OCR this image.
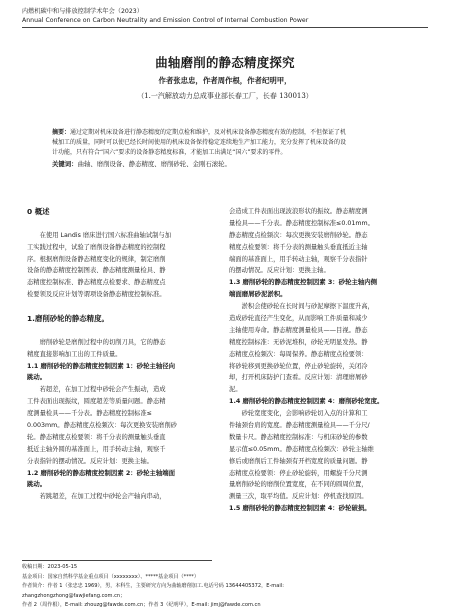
内燃机碳中和与排放控制学术年会（2023）
Annual Conference on Carbon Neutrality and Emission Control of Internal Combustion Power
曲轴磨削的静态精度探究
作者张忠忠，作者周作根，作者纪明甲，
（1.一汽解放动力总成事业部长春工厂，长春 130013）
摘要：通过定期对机床设备进行静态精度的定期点检和维护，及对机床设备静态精度有效的控制，不但保证了机
械加工的质量，同时可以使已经长时间使用的机床设备保持稳定连续地生产加工能力，充分发挥了机床设备的设
计功能，只有符合“国六”要求的设备静态精度标准，才能加工出满足“国六”要求的零件。
关键词：曲轴、磨削设备、静态精度、磨削砂轮、金刚石滚轮。
0 概述
　　在使用 Landis 磨床进行国六标准曲轴试制与加
工实践过程中，试验了磨削设备静态精度的控制程
序。根据磨削设备静态精度变化的规律，制定磨削
设备的静态精度控制图表、静态精度测量检具、静
态精度控制标准、静态精度点检要求、静态精度点
检要领及反应计划等谓项设备静态精度控制标准。
1.磨削砂轮的静态精度。
　　磨削砂轮是磨削过程中的切削刀具，它的静态
精度直接影响加工出的工件质量。
1.1 磨削砂轮的静态精度控制因素 1：砂轮主轴径向
跳动。
　　若超差，在加工过程中砂轮会产生振动，造成
工件表面出现振纹，圆度超差等质量问题。静态精
度测量检具——千分表。静态精度控制标准≤
0.003mm。静态精度点检频次：每次更换安装磨削砂
轮。静态精度点检要领：将千分表的测量触头垂直
抵近主轴外圆的基准面上，用手转动主轴，观察千
分表指针的摆动情况。反应计划：更换主轴。
1.2 磨削砂轮的静态精度控制因素 2：砂轮主轴端面
跳动。
　　若跳超差，在加工过程中砂轮会产轴向串动，
会造成工件表面出现波浪形状的振纹。静态精度测
量检具——千分表。静态精度控制标准≤0.01mm。
静态精度点检频次：每次更换安装磨削砂轮。静态
精度点检要领：将千分表的测量触头垂直抵近主轴
端面的基准面上，用手转动主轴，观察千分表指针
的摆动情况。反应计划：更换主轴。
1.3 磨削砂轮的静态精度控制因素 3：砂轮主轴内侧
端面磨屑砂泥淤积。
　　淤积会使砂轮在长时间与砂泥摩擦下温度升高，
造成砂轮直径产生变化，从而影响工件质量和减少
主轴使用寿命。静态精度测量检具——目视。静态
精度控制标准：无砂泥堆积，砂轮无明显发热。静
态精度点检频次：每周保养。静态精度点检要领：
将砂轮移到更换砂轮位置，停止砂轮旋转，关闭冷
却，打开机床防护门查看。反应计划：清理磨屑砂
泥。
1.4 磨削砂轮的静态精度控制因素 4：磨削砂轮宽度。
　　砂轮宽度变化，会影响砂轮切入点的计算和工
件轴颈台肩的宽度。静态精度测量检具——千分尺/
数量卡尺。静态精度控制标准：与机床砂轮的参数
显示值≤0.05mm。静态精度点检频次：砂轮主轴维
修后或磨削后工件轴颈有开档宽度的质量问题。静
态精度点检要领：停止砂轮旋转，用螺旋千分尺测
量磨削砂轮的磨削位置宽度，在不同的圆周位置，
测量三次，取平均值。反应计划：停机查找原因。
1.5 磨削砂轮的静态精度控制因素 4：砂轮破损。
收稿日期：2023-05-15
基金项目：国家自然科学基金重点项目（xxxxxxxx）、*****基金项目（****）
作者简介：作者 1（张忠忠 1969），男，本科生，主要研究方向为曲轴磨削加工.电话号码 13644405372，E-mail:
zhangzhongzhong@fawjiefang.com.cn；
作者 2（周作根），E-mail: zhouzg@fawde.com.cn；作者 3（纪明甲），E-mail: jimj@fawde.com.cn
